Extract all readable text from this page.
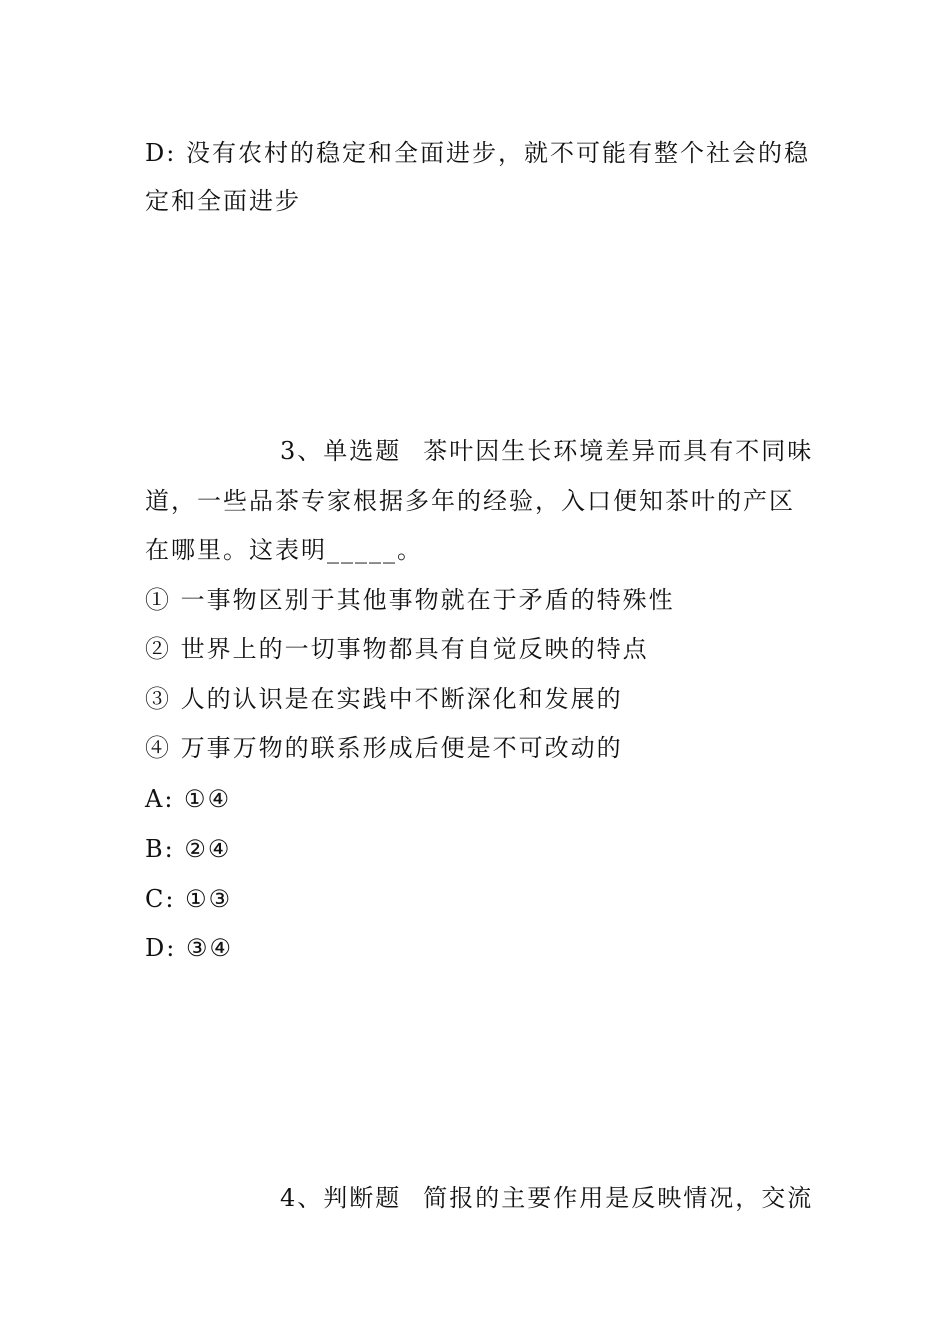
D: 没有农村的稳定和全面进步，就不可能有整个社会的稳
定和全面进步
3、单选题 茶叶因生长环境差异而具有不同味
道，一些品茶专家根据多年的经验，入口便知茶叶的产区
在哪里。这表明_____。
① 一事物区别于其他事物就在于矛盾的特殊性
② 世界上的一切事物都具有自觉反映的特点
③ 人的认识是在实践中不断深化和发展的
④ 万事万物的联系形成后便是不可改动的
A: ①④
B: ②④
C: ①③
D: ③④
4、判断题 简报的主要作用是反映情况，交流
